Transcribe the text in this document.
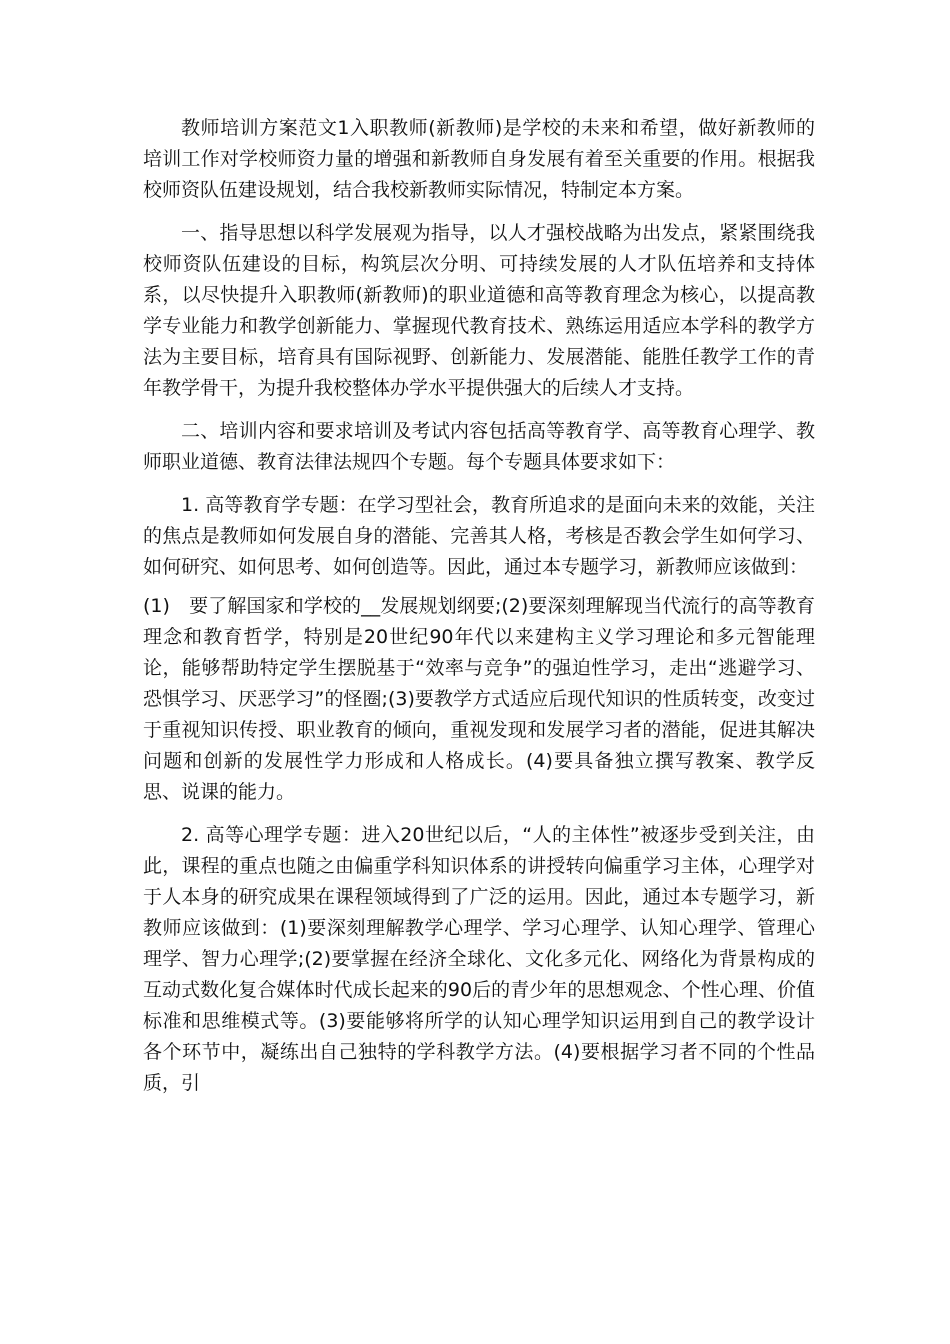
教师培训方案范文1入职教师(新教师)是学校的未来和希望，做好新教师的培训工作对学校师资力量的增强和新教师自身发展有着至关重要的作用。根据我校师资队伍建设规划，结合我校新教师实际情况，特制定本方案。

一、指导思想以科学发展观为指导，以人才强校战略为出发点，紧紧围绕我校师资队伍建设的目标，构筑层次分明、可持续发展的人才队伍培养和支持体系，以尽快提升入职教师(新教师)的职业道德和高等教育理念为核心，以提高教学专业能力和教学创新能力、掌握现代教育技术、熟练运用适应本学科的教学方法为主要目标，培育具有国际视野、创新能力、发展潜能、能胜任教学工作的青年教学骨干，为提升我校整体办学水平提供强大的后续人才支持。

二、培训内容和要求培训及考试内容包括高等教育学、高等教育心理学、教师职业道德、教育法律法规四个专题。每个专题具体要求如下：

1. 高等教育学专题：在学习型社会，教育所追求的是面向未来的效能，关注的焦点是教师如何发展自身的潜能、完善其人格，考核是否教会学生如何学习、如何研究、如何思考、如何创造等。因此，通过本专题学习，新教师应该做到：

(1)　要了解国家和学校的__发展规划纲要;(2)要深刻理解现当代流行的高等教育理念和教育哲学，特别是20世纪90年代以来建构主义学习理论和多元智能理论，能够帮助特定学生摆脱基于“效率与竞争”的强迫性学习，走出“逃避学习、恐惧学习、厌恶学习”的怪圈;(3)要教学方式适应后现代知识的性质转变，改变过于重视知识传授、职业教育的倾向，重视发现和发展学习者的潜能，促进其解决问题和创新的发展性学力形成和人格成长。(4)要具备独立撰写教案、教学反思、说课的能力。

2. 高等心理学专题：进入20世纪以后，“人的主体性”被逐步受到关注，由此，课程的重点也随之由偏重学科知识体系的讲授转向偏重学习主体，心理学对于人本身的研究成果在课程领域得到了广泛的运用。因此，通过本专题学习，新教师应该做到：(1)要深刻理解教学心理学、学习心理学、认知心理学、管理心理学、智力心理学;(2)要掌握在经济全球化、文化多元化、网络化为背景构成的互动式数化复合媒体时代成长起来的90后的青少年的思想观念、个性心理、价值标准和思维模式等。(3)要能够将所学的认知心理学知识运用到自己的教学设计各个环节中，凝练出自己独特的学科教学方法。(4)要根据学习者不同的个性品质，引
